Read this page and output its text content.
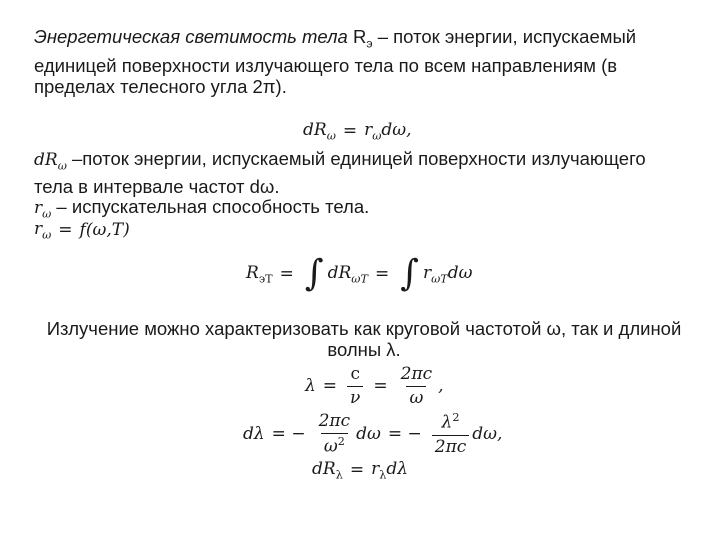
Энергетическая светимость тела $R_э$ – поток энергии, испускаемый
единицей поверхности излучающего тела по всем направлениям (в
пределах телесного угла 2π).
$dR_\omega = r_\omega d\omega$,
$dR_\omega$ –поток энергии, испускаемый единицей поверхности излучающего
тела в интервале частот dω.
$r_\omega$ – испускательная способность тела.
$r_\omega = f(\omega,T)$
$R_{эT}$ = ∫ $dR_{\omega T}$ = ∫ $r_{\omega T}d\omega$
Излучение можно характеризовать как круговой частотой ω, так и длиной
волны λ.
$\lambda = \frac{c}{\nu} = \frac{2\pi c}{\omega}$ ,
dλ = − $\frac{2\pi c}{\omega^2}$ dω = − $\frac{\lambda^2}{2\pi c} d\omega$,
$dR_\lambda = r_\lambda d\lambda$
